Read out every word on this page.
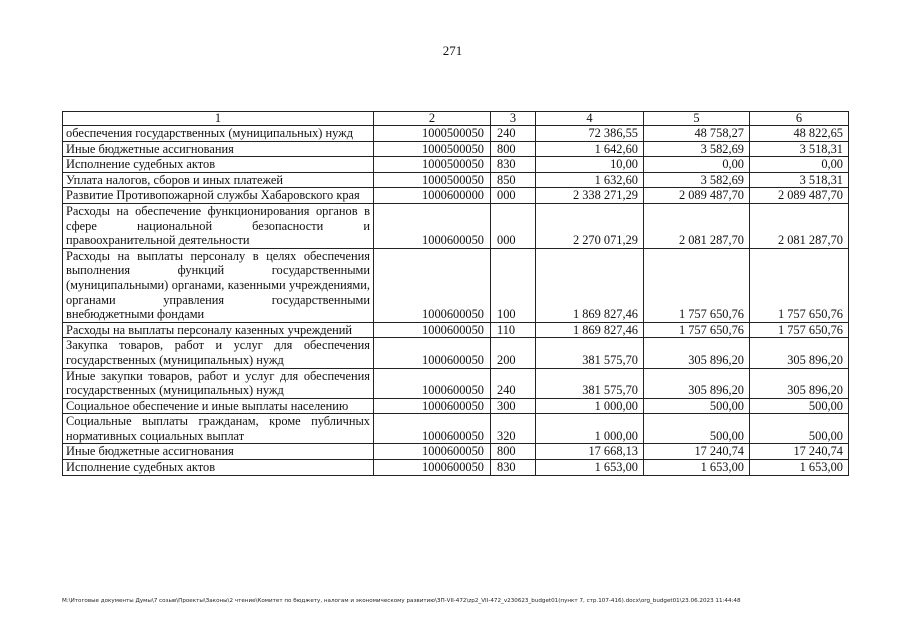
271
1	2	3	4	5	6
обеспечения государственных (муниципальных) нужд	1000500050	240	72 386,55	48 758,27	48 822,65
Иные бюджетные ассигнования	1000500050	800	1 642,60	3 582,69	3 518,31
Исполнение судебных актов	1000500050	830	10,00	0,00	0,00
Уплата налогов, сборов и иных платежей	1000500050	850	1 632,60	3 582,69	3 518,31
Развитие Противопожарной службы Хабаровского края	1000600000	000	2 338 271,29	2 089 487,70	2 089 487,70
Расходы на обеспечение функционирования органов в сфере национальной безопасности и правоохранительной деятельности	1000600050	000	2 270 071,29	2 081 287,70	2 081 287,70
Расходы на выплаты персоналу в целях обеспечения выполнения функций государственными (муниципальными) органами, казенными учреждениями, органами управления государственными внебюджетными фондами	1000600050	100	1 869 827,46	1 757 650,76	1 757 650,76
Расходы на выплаты персоналу казенных учреждений	1000600050	110	1 869 827,46	1 757 650,76	1 757 650,76
Закупка товаров, работ и услуг для обеспечения государственных (муниципальных) нужд	1000600050	200	381 575,70	305 896,20	305 896,20
Иные закупки товаров, работ и услуг для обеспечения государственных (муниципальных) нужд	1000600050	240	381 575,70	305 896,20	305 896,20
Социальное обеспечение и иные выплаты населению	1000600050	300	1 000,00	500,00	500,00
Социальные выплаты гражданам, кроме публичных нормативных социальных выплат	1000600050	320	1 000,00	500,00	500,00
Иные бюджетные ассигнования	1000600050	800	17 668,13	17 240,74	17 240,74
Исполнение судебных актов	1000600050	830	1 653,00	1 653,00	1 653,00
M:\Итоговые документы Думы\7 созыв\Проекты\Законы\2 чтение\Комитет по бюджету, налогам и экономическому развитию\ЗП-VII-472\zp2_VII-472_v230623_budget01(пункт 7, стр.107-416).docx\org_budget01\23.06.2023 11:44:48
